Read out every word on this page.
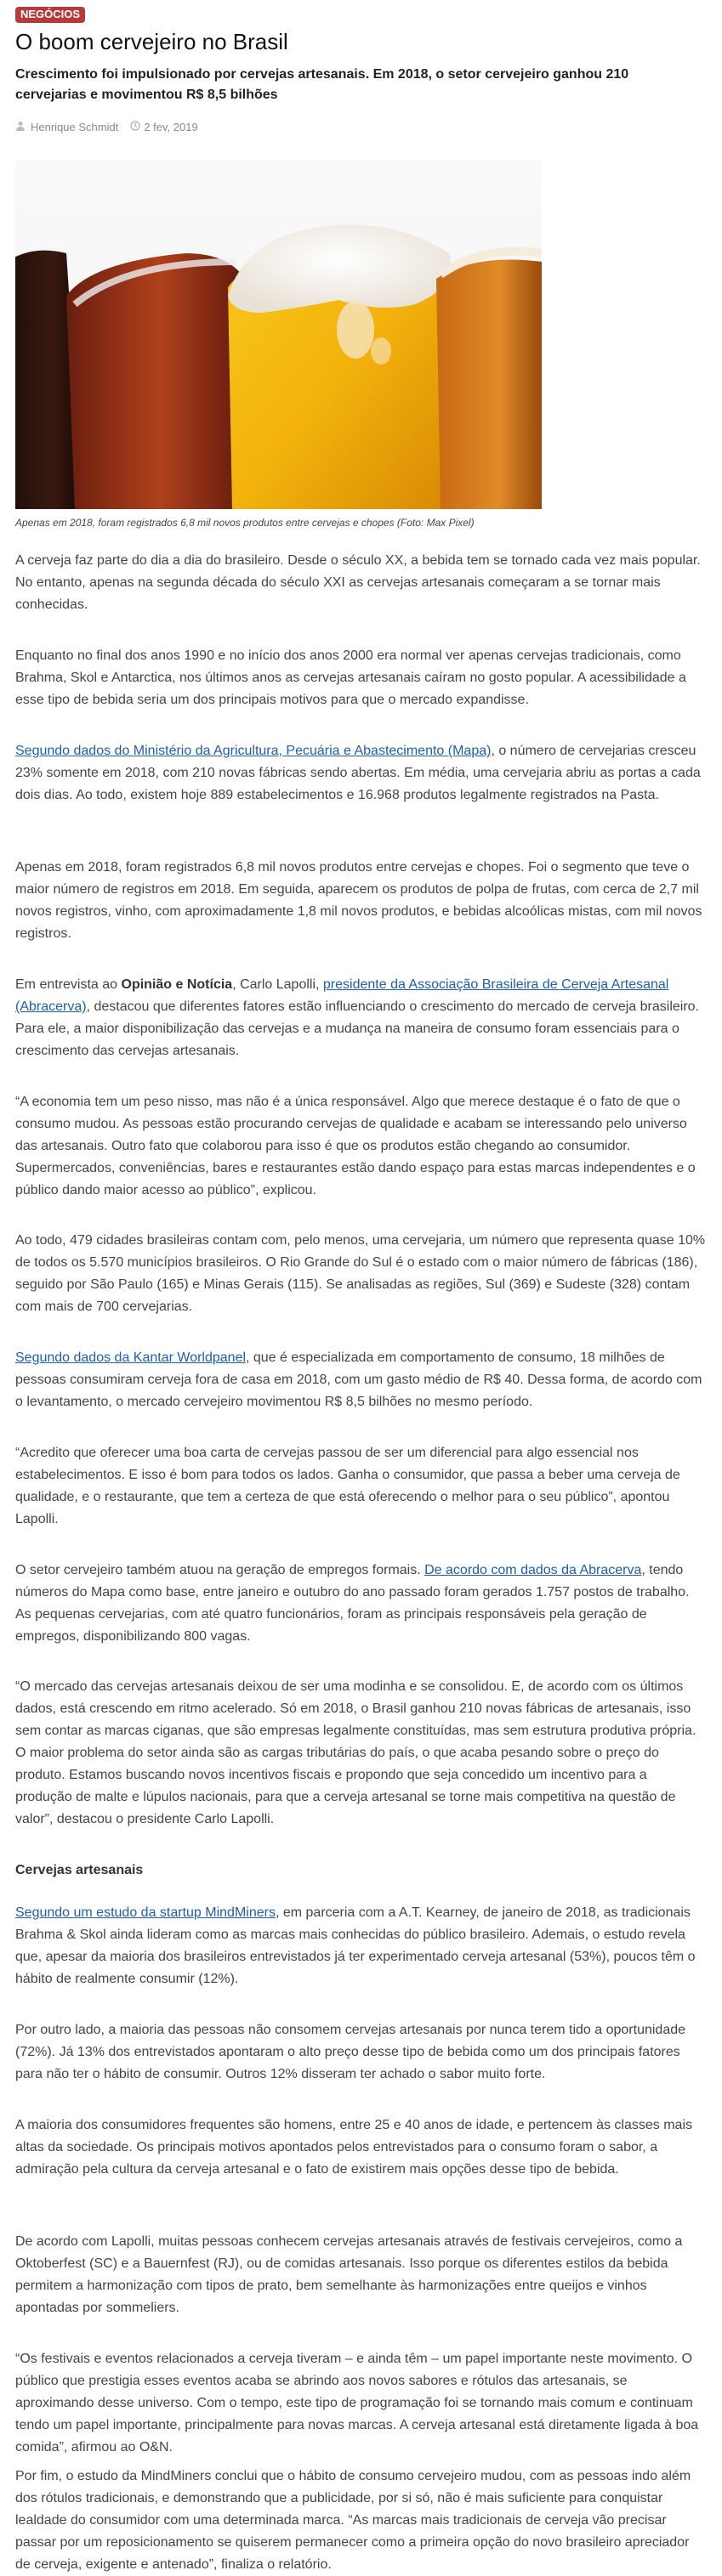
NEGÓCIOS
O boom cervejeiro no Brasil

Crescimento foi impulsionado por cervejas artesanais. Em 2018, o setor cervejeiro ganhou 210 cervejarias e movimentou R$ 8,5 bilhões

Henrique Schmidt 2 fev, 2019
Apenas em 2018, foram registrados 6,8 mil novos produtos entre cervejas e chopes (Foto: Max Pixel)

A cerveja faz parte do dia a dia do brasileiro. Desde o século XX, a bebida tem se tornado cada vez mais popular. No entanto, apenas na segunda década do século XXI as cervejas artesanais começaram a se tornar mais conhecidas.

Enquanto no final dos anos 1990 e no início dos anos 2000 era normal ver apenas cervejas tradicionais, como Brahma, Skol e Antarctica, nos últimos anos as cervejas artesanais caíram no gosto popular. A acessibilidade a esse tipo de bebida seria um dos principais motivos para que o mercado expandisse.

Segundo dados do Ministério da Agricultura, Pecuária e Abastecimento (Mapa), o número de cervejarias cresceu 23% somente em 2018, com 210 novas fábricas sendo abertas. Em média, uma cervejaria abriu as portas a cada dois dias. Ao todo, existem hoje 889 estabelecimentos e 16.968 produtos legalmente registrados na Pasta.

Apenas em 2018, foram registrados 6,8 mil novos produtos entre cervejas e chopes. Foi o segmento que teve o maior número de registros em 2018. Em seguida, aparecem os produtos de polpa de frutas, com cerca de 2,7 mil novos registros, vinho, com aproximadamente 1,8 mil novos produtos, e bebidas alcoólicas mistas, com mil novos registros.

Em entrevista ao Opinião e Notícia, Carlo Lapolli, presidente da Associação Brasileira de Cerveja Artesanal (Abracerva), destacou que diferentes fatores estão influenciando o crescimento do mercado de cerveja brasileiro. Para ele, a maior disponibilização das cervejas e a mudança na maneira de consumo foram essenciais para o crescimento das cervejas artesanais.

“A economia tem um peso nisso, mas não é a única responsável. Algo que merece destaque é o fato de que o consumo mudou. As pessoas estão procurando cervejas de qualidade e acabam se interessando pelo universo das artesanais. Outro fato que colaborou para isso é que os produtos estão chegando ao consumidor. Supermercados, conveniências, bares e restaurantes estão dando espaço para estas marcas independentes e o público dando maior acesso ao público”, explicou.

Ao todo, 479 cidades brasileiras contam com, pelo menos, uma cervejaria, um número que representa quase 10% de todos os 5.570 municípios brasileiros. O Rio Grande do Sul é o estado com o maior número de fábricas (186), seguido por São Paulo (165) e Minas Gerais (115). Se analisadas as regiões, Sul (369) e Sudeste (328) contam com mais de 700 cervejarias.

Segundo dados da Kantar Worldpanel, que é especializada em comportamento de consumo, 18 milhões de pessoas consumiram cerveja fora de casa em 2018, com um gasto médio de R$ 40. Dessa forma, de acordo com o levantamento, o mercado cervejeiro movimentou R$ 8,5 bilhões no mesmo período.

“Acredito que oferecer uma boa carta de cervejas passou de ser um diferencial para algo essencial nos estabelecimentos. E isso é bom para todos os lados. Ganha o consumidor, que passa a beber uma cerveja de qualidade, e o restaurante, que tem a certeza de que está oferecendo o melhor para o seu público”, apontou Lapolli.

O setor cervejeiro também atuou na geração de empregos formais. De acordo com dados da Abracerva, tendo números do Mapa como base, entre janeiro e outubro do ano passado foram gerados 1.757 postos de trabalho. As pequenas cervejarias, com até quatro funcionários, foram as principais responsáveis pela geração de empregos, disponibilizando 800 vagas.

“O mercado das cervejas artesanais deixou de ser uma modinha e se consolidou. E, de acordo com os últimos dados, está crescendo em ritmo acelerado. Só em 2018, o Brasil ganhou 210 novas fábricas de artesanais, isso sem contar as marcas ciganas, que são empresas legalmente constituídas, mas sem estrutura produtiva própria. O maior problema do setor ainda são as cargas tributárias do país, o que acaba pesando sobre o preço do produto. Estamos buscando novos incentivos fiscais e propondo que seja concedido um incentivo para a produção de malte e lúpulos nacionais, para que a cerveja artesanal se torne mais competitiva na questão de valor”, destacou o presidente Carlo Lapolli.

Cervejas artesanais

Segundo um estudo da startup MindMiners, em parceria com a A.T. Kearney, de janeiro de 2018, as tradicionais Brahma & Skol ainda lideram como as marcas mais conhecidas do público brasileiro. Ademais, o estudo revela que, apesar da maioria dos brasileiros entrevistados já ter experimentado cerveja artesanal (53%), poucos têm o hábito de realmente consumir (12%).

Por outro lado, a maioria das pessoas não consomem cervejas artesanais por nunca terem tido a oportunidade (72%). Já 13% dos entrevistados apontaram o alto preço desse tipo de bebida como um dos principais fatores para não ter o hábito de consumir. Outros 12% disseram ter achado o sabor muito forte.

A maioria dos consumidores frequentes são homens, entre 25 e 40 anos de idade, e pertencem às classes mais altas da sociedade. Os principais motivos apontados pelos entrevistados para o consumo foram o sabor, a admiração pela cultura da cerveja artesanal e o fato de existirem mais opções desse tipo de bebida.

De acordo com Lapolli, muitas pessoas conhecem cervejas artesanais através de festivais cervejeiros, como a Oktoberfest (SC) e a Bauernfest (RJ), ou de comidas artesanais. Isso porque os diferentes estilos da bebida permitem a harmonização com tipos de prato, bem semelhante às harmonizações entre queijos e vinhos apontadas por sommeliers.

“Os festivais e eventos relacionados a cerveja tiveram – e ainda têm – um papel importante neste movimento. O público que prestigia esses eventos acaba se abrindo aos novos sabores e rótulos das artesanais, se aproximando desse universo. Com o tempo, este tipo de programação foi se tornando mais comum e continuam tendo um papel importante, principalmente para novas marcas. A cerveja artesanal está diretamente ligada à boa comida”, afirmou ao O&N.

Por fim, o estudo da MindMiners conclui que o hábito de consumo cervejeiro mudou, com as pessoas indo além dos rótulos tradicionais, e demonstrando que a publicidade, por si só, não é mais suficiente para conquistar lealdade do consumidor com uma determinada marca. “As marcas mais tradicionais de cerveja vão precisar passar por um reposicionamento se quiserem permanecer como a primeira opção do novo brasileiro apreciador de cerveja, exigente e antenado”, finaliza o relatório.
